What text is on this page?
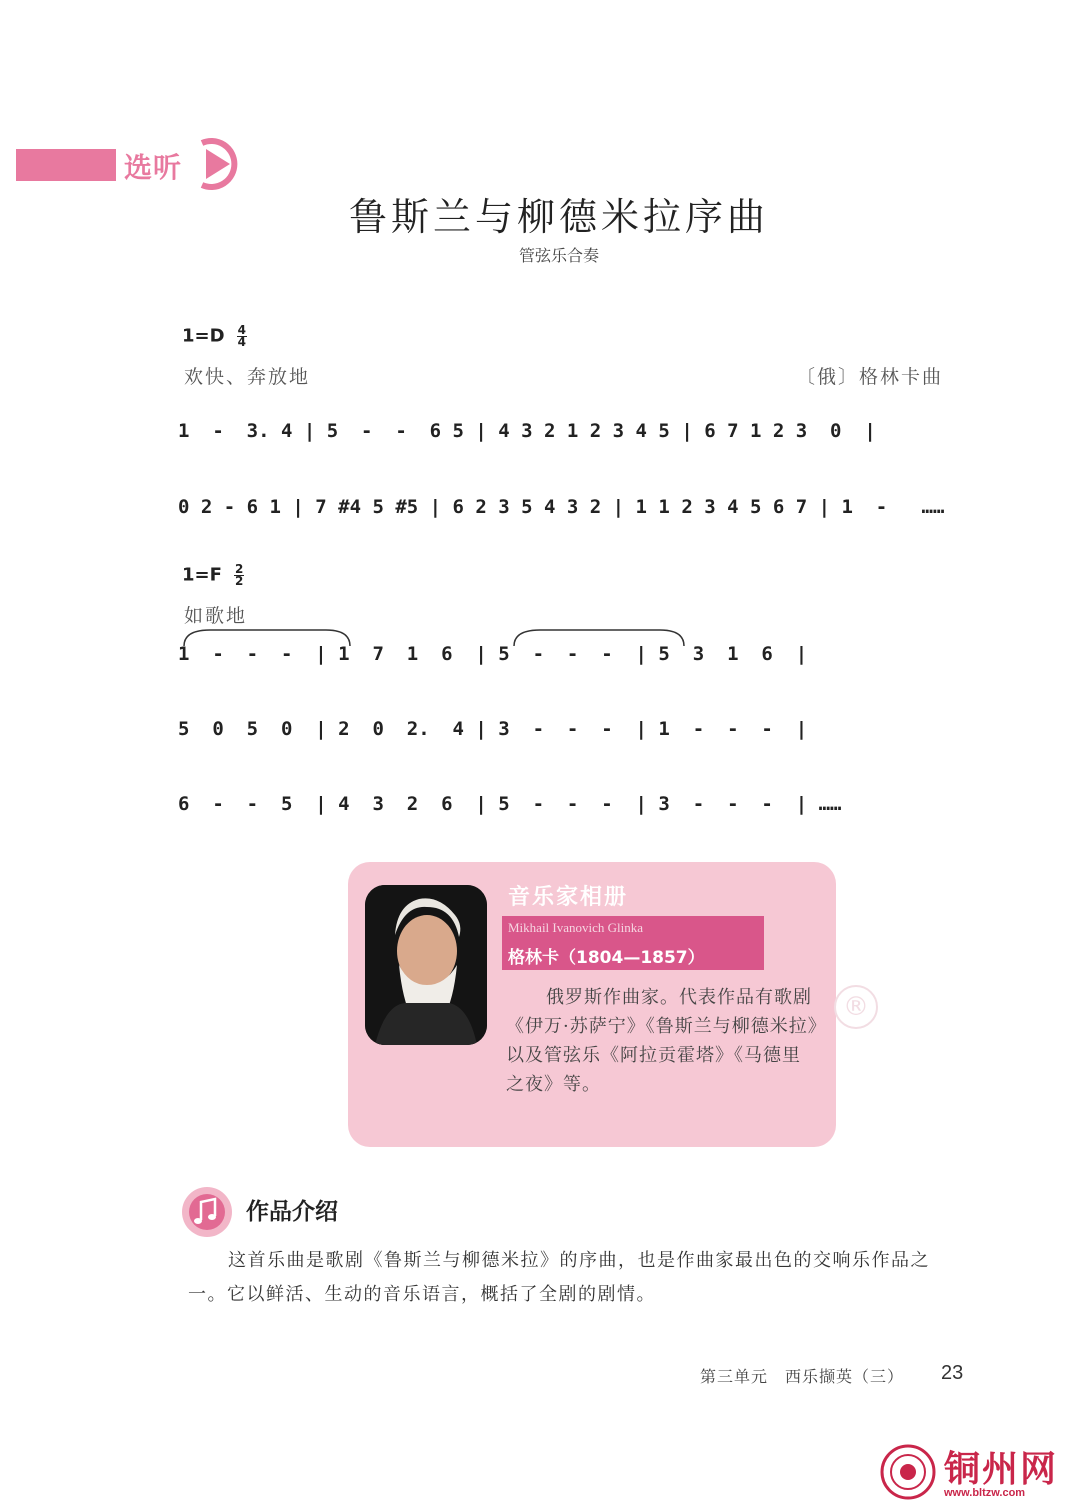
选听
鲁斯兰与柳德米拉序曲
管弦乐合奏
$1=D \frac{4}{4}$
欢快、奔放地	〔俄〕格林卡曲
1  -  3. 4 | 5  -  -  6 5 | 4 3 2 1 2 3 4 5 | 6 7 1 2 3  0  |
0 2 - 6 1 | 7 #4 5 #5 | 6 2 3 5 4 3 2 | 1 1 2 3 4 5 6 7 | 1  -   ……
$1=F \frac{2}{2}$
如歌地
1  -  -  -  | 1  7  1  6  | 5  -  -  -  | 5  3  1  6  |
5  0  5  0  | 2  0  2.  4 | 3  -  -  -  | 1  -  -  -  |
6  -  -  5  | 4  3  2  6  | 5  -  -  -  | 3  -  -  -  | ……
音乐家相册
Mikhail Ivanovich Glinka
格林卡（1804—1857）
俄罗斯作曲家。代表作品有歌剧《伊万·苏萨宁》《鲁斯兰与柳德米拉》以及管弦乐《阿拉贡霍塔》《马德里之夜》等。
®
作品介绍
这首乐曲是歌剧《鲁斯兰与柳德米拉》的序曲，也是作曲家最出色的交响乐作品之一。它以鲜活、生动的音乐语言，概括了全剧的剧情。
第三单元　西乐撷英（三） 23
铜州网
www.bltzw.com
